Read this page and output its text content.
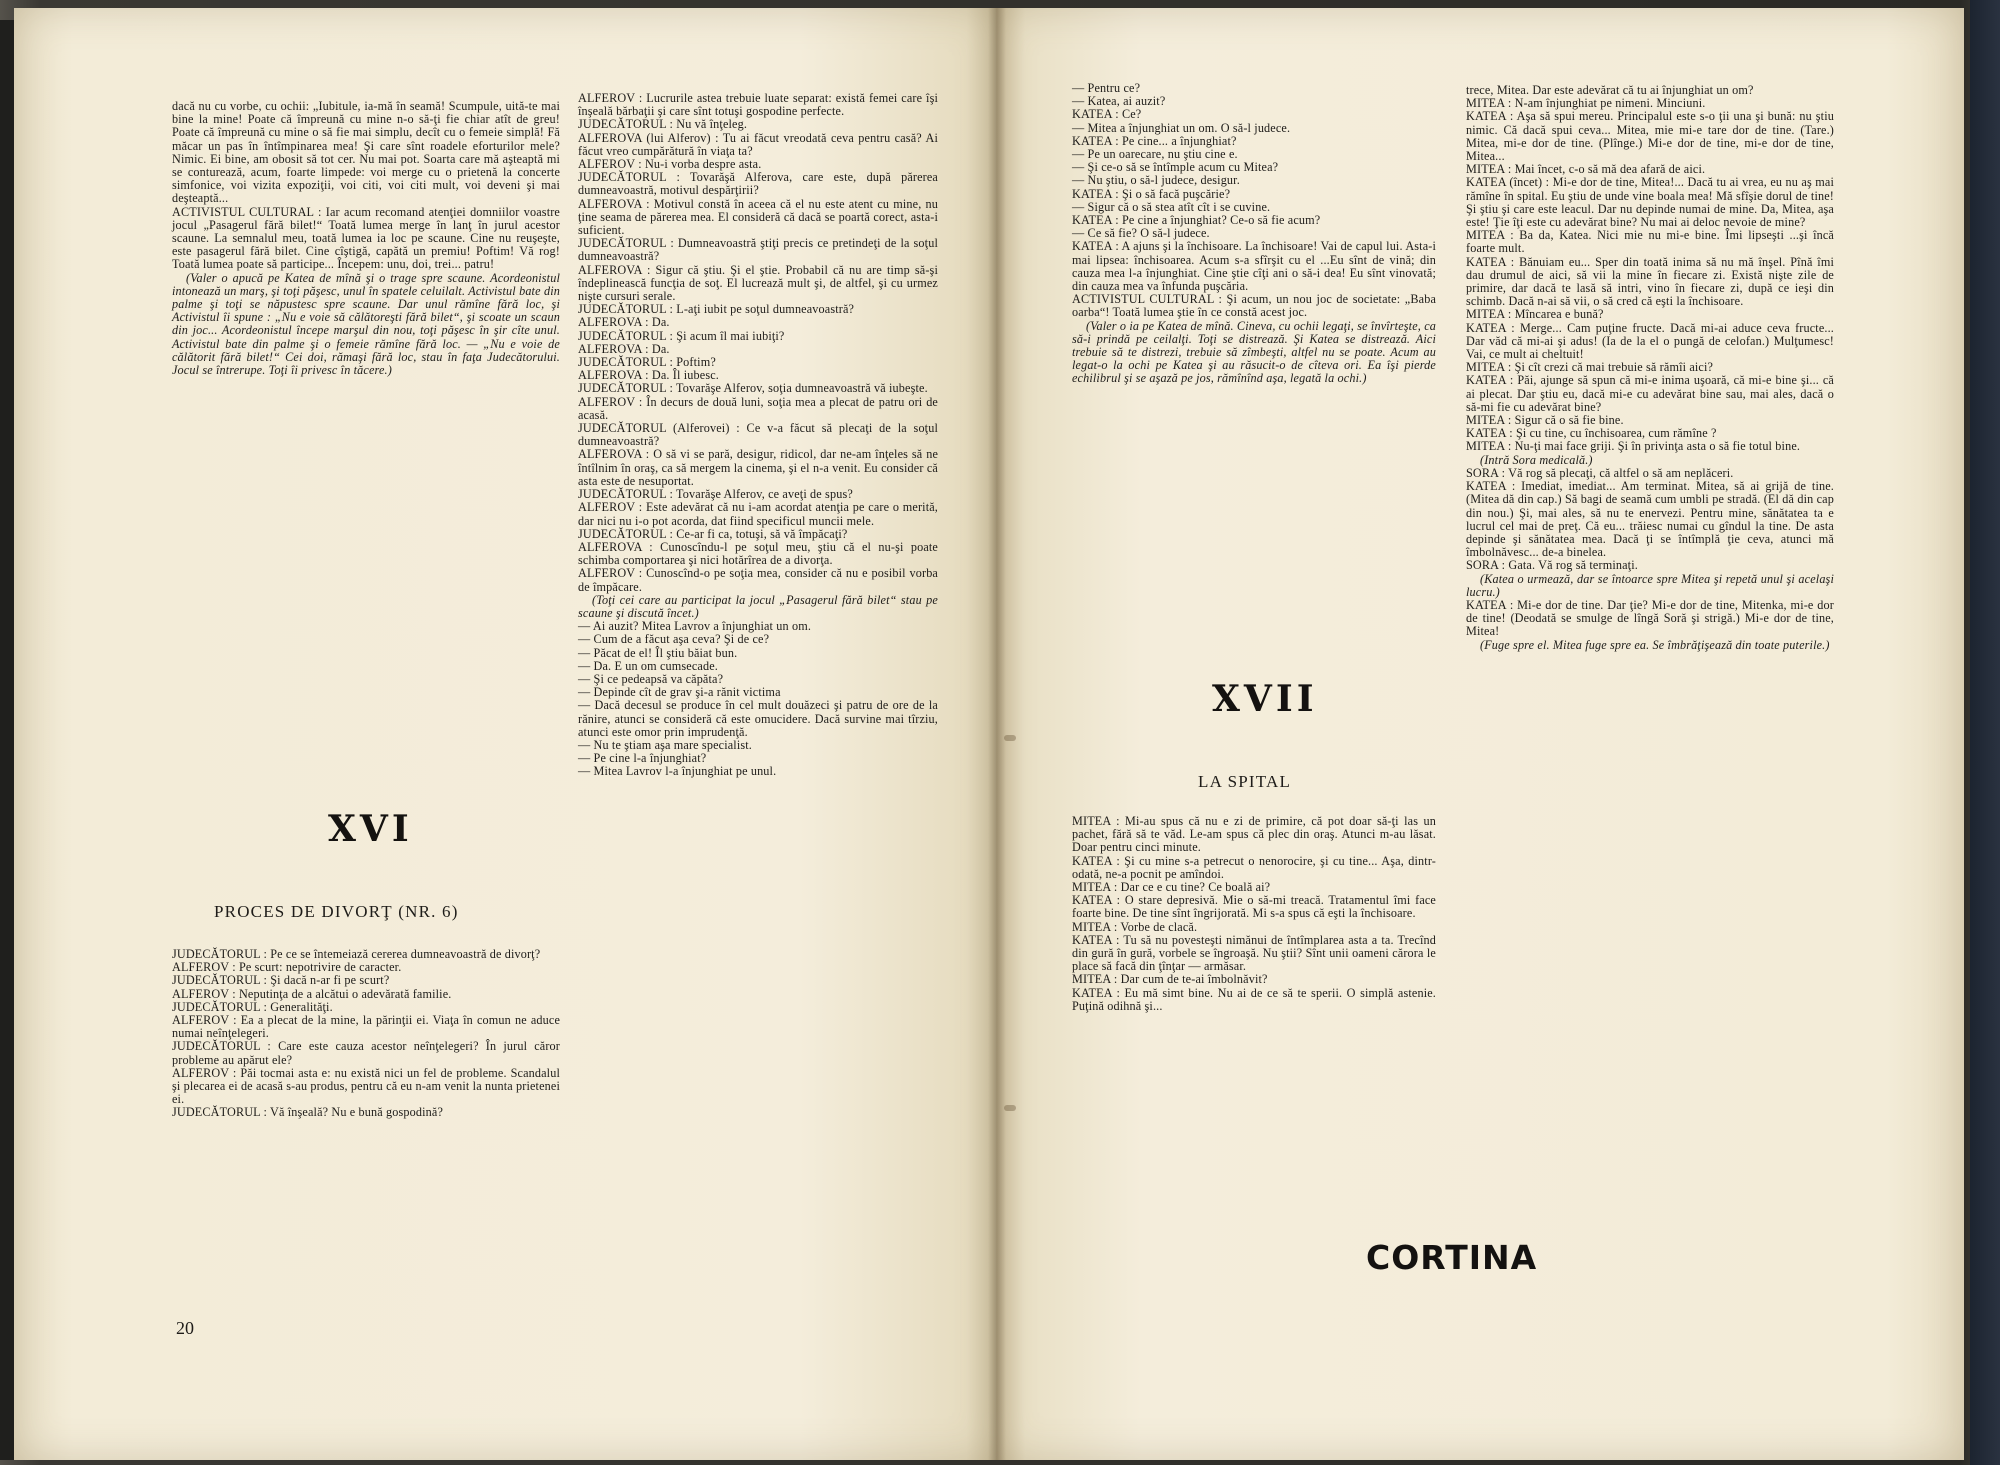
dacă nu cu vorbe, cu ochii: „Iubitule, ia-mă în seamă! Scumpule, uită-te mai bine la mine! Poate că împreună cu mine n-o să-ţi fie chiar atît de greu! Poate că împreună cu mine o să fie mai simplu, decît cu o femeie simplă! Fă măcar un pas în întîmpinarea mea! Şi care sînt roadele eforturilor mele? Nimic. Ei bine, am obosit să tot cer. Nu mai pot. Soarta care mă aşteaptă mi se conturează, acum, foarte limpede: voi merge cu o prietenă la concerte simfonice, voi vizita expoziţii, voi citi, voi citi mult, voi deveni şi mai deşteaptă...

ACTIVISTUL CULTURAL : Iar acum recomand atenţiei domniilor voastre jocul „Pasagerul fără bilet!“ Toată lumea merge în lanţ în jurul acestor scaune. La semnalul meu, toată lumea ia loc pe scaune. Cine nu reuşeşte, este pasagerul fără bilet. Cine cîştigă, capătă un premiu! Poftim! Vă rog! Toată lumea poate să participe... Începem: unu, doi, trei... patru!

(Valer o apucă pe Katea de mînă şi o trage spre scaune. Acordeonistul intonează un marş, şi toţi păşesc, unul în spatele celuilalt. Activistul bate din palme şi toţi se năpustesc spre scaune. Dar unul rămîne fără loc, şi Activistul îi spune : „Nu e voie să călătoreşti fără bilet“, şi scoate un scaun din joc... Acordeonistul începe marşul din nou, toţi păşesc în şir cîte unul. Activistul bate din palme şi o femeie rămîne fără loc. — „Nu e voie de călătorit fără bilet!“ Cei doi, rămaşi fără loc, stau în faţa Judecătorului. Jocul se întrerupe. Toţi îi privesc în tăcere.)

XVI
PROCES DE DIVORŢ (NR. 6)

JUDECĂTORUL : Pe ce se întemeiază cererea dumneavoastră de divorţ?

ALFEROV : Pe scurt: nepotrivire de caracter.

JUDECĂTORUL : Şi dacă n-ar fi pe scurt?

ALFEROV : Neputinţa de a alcătui o adevărată familie.

JUDECĂTORUL : Generalităţi.

ALFEROV : Ea a plecat de la mine, la părinţii ei. Viaţa în comun ne aduce numai neînţelegeri.

JUDECĂTORUL : Care este cauza acestor neînţelegeri? În jurul căror probleme au apărut ele?

ALFEROV : Păi tocmai asta e: nu există nici un fel de probleme. Scandalul şi plecarea ei de acasă s-au produs, pentru că eu n-am venit la nunta prietenei ei.

JUDECĂTORUL : Vă înşeală? Nu e bună gospodină?

ALFEROV : Lucrurile astea trebuie luate separat: există femei care îşi înşeală bărbaţii şi care sînt totuşi gospodine perfecte.

JUDECĂTORUL : Nu vă înţeleg.

ALFEROVA (lui Alferov) : Tu ai făcut vreodată ceva pentru casă? Ai făcut vreo cumpărătură în viaţa ta?

ALFEROV : Nu-i vorba despre asta.

JUDECĂTORUL : Tovarăşă Alferova, care este, după părerea dumneavoastră, motivul despărţirii?

ALFEROVA : Motivul constă în aceea că el nu este atent cu mine, nu ţine seama de părerea mea. El consideră că dacă se poartă corect, asta-i suficient.

JUDECĂTORUL : Dumneavoastră ştiţi precis ce pretindeţi de la soţul dumneavoastră?

ALFEROVA : Sigur că ştiu. Şi el ştie. Probabil că nu are timp să-şi îndeplinească funcţia de soţ. El lucrează mult şi, de altfel, şi cu urmez nişte cursuri serale.

JUDECĂTORUL : L-aţi iubit pe soţul dumneavoastră?

ALFEROVA : Da.

JUDECĂTORUL : Şi acum îl mai iubiţi?

ALFEROVA : Da.

JUDECĂTORUL : Poftim?

ALFEROVA : Da. Îl iubesc.

JUDECĂTORUL : Tovarăşe Alferov, soţia dumneavoastră vă iubeşte.

ALFEROV : În decurs de două luni, soţia mea a plecat de patru ori de acasă.

JUDECĂTORUL (Alferovei) : Ce v-a făcut să plecaţi de la soţul dumneavoastră?

ALFEROVA : O să vi se pară, desigur, ridicol, dar ne-am înţeles să ne întîlnim în oraş, ca să mergem la cinema, şi el n-a venit. Eu consider că asta este de nesuportat.

JUDECĂTORUL : Tovarăşe Alferov, ce aveţi de spus?

ALFEROV : Este adevărat că nu i-am acordat atenţia pe care o merită, dar nici nu i-o pot acorda, dat fiind specificul muncii mele.

JUDECĂTORUL : Ce-ar fi ca, totuşi, să vă împăcaţi?

ALFEROVA : Cunoscîndu-l pe soţul meu, ştiu că el nu-şi poate schimba comportarea şi nici hotărîrea de a divorţa.

ALFEROV : Cunoscînd-o pe soţia mea, consider că nu e posibil vorba de împăcare.

(Toţi cei care au participat la jocul „Pasagerul fără bilet“ stau pe scaune şi discută încet.)

— Ai auzit? Mitea Lavrov a înjunghiat un om.

— Cum de a făcut aşa ceva? Şi de ce?

— Păcat de el! Îl ştiu băiat bun.

— Da. E un om cumsecade.

— Şi ce pedeapsă va căpăta?

— Depinde cît de grav şi-a rănit victima

— Dacă decesul se produce în cel mult douăzeci şi patru de ore de la rănire, atunci se consideră că este omucidere. Dacă survine mai tîrziu, atunci este omor prin imprudenţă.

— Nu te ştiam aşa mare specialist.

— Pe cine l-a înjunghiat?

— Mitea Lavrov l-a înjunghiat pe unul.

20

— Pentru ce?

— Katea, ai auzit?

KATEA : Ce?

— Mitea a înjunghiat un om. O să-l judece.

KATEA : Pe cine... a înjunghiat?

— Pe un oarecare, nu ştiu cine e.

— Şi ce-o să se întîmple acum cu Mitea?

— Nu ştiu, o să-l judece, desigur.

KATEA : Şi o să facă puşcărie?

— Sigur că o să stea atît cît i se cuvine.

KATEA : Pe cine a înjunghiat? Ce-o să fie acum?

— Ce să fie? O să-l judece.

KATEA : A ajuns şi la închisoare. La închisoare! Vai de capul lui. Asta-i mai lipsea: închisoarea. Acum s-a sfîrşit cu el ...Eu sînt de vină; din cauza mea l-a înjunghiat. Cine ştie cîţi ani o să-i dea! Eu sînt vinovată; din cauza mea va înfunda puşcăria.

ACTIVISTUL CULTURAL : Şi acum, un nou joc de societate: „Baba oarba“! Toată lumea ştie în ce constă acest joc.

(Valer o ia pe Katea de mînă. Cineva, cu ochii legaţi, se învîrteşte, ca să-i prindă pe ceilalţi. Toţi se distrează. Şi Katea se distrează. Aici trebuie să te distrezi, trebuie să zîmbeşti, altfel nu se poate. Acum au legat-o la ochi pe Katea şi au răsucit-o de cîteva ori. Ea îşi pierde echilibrul şi se aşază pe jos, rămînînd aşa, legată la ochi.)

XVII
LA SPITAL

MITEA : Mi-au spus că nu e zi de primire, că pot doar să-ţi las un pachet, fără să te văd. Le-am spus că plec din oraş. Atunci m-au lăsat. Doar pentru cinci minute.

KATEA : Şi cu mine s-a petrecut o nenorocire, şi cu tine... Aşa, dintr-odată, ne-a pocnit pe amîndoi.

MITEA : Dar ce e cu tine? Ce boală ai?

KATEA : O stare depresivă. Mie o să-mi treacă. Tratamentul îmi face foarte bine. De tine sînt îngrijorată. Mi s-a spus că eşti la închisoare.

MITEA : Vorbe de clacă.

KATEA : Tu să nu povesteşti nimănui de întîmplarea asta a ta. Trecînd din gură în gură, vorbele se îngroaşă. Nu ştii? Sînt unii oameni cărora le place să facă din ţînţar — armăsar.

MITEA : Dar cum de te-ai îmbolnăvit?

KATEA : Eu mă simt bine. Nu ai de ce să te sperii. O simplă astenie. Puţină odihnă şi...

trece, Mitea. Dar este adevărat că tu ai înjunghiat un om?

MITEA : N-am înjunghiat pe nimeni. Minciuni.

KATEA : Aşa să spui mereu. Principalul este s-o ţii una şi bună: nu ştiu nimic. Că dacă spui ceva... Mitea, mie mi-e tare dor de tine. (Tare.) Mitea, mi-e dor de tine. (Plînge.) Mi-e dor de tine, mi-e dor de tine, Mitea...

MITEA : Mai încet, c-o să mă dea afară de aici.

KATEA (încet) : Mi-e dor de tine, Mitea!... Dacă tu ai vrea, eu nu aş mai rămîne în spital. Eu ştiu de unde vine boala mea! Mă sfîşie dorul de tine! Şi ştiu şi care este leacul. Dar nu depinde numai de mine. Da, Mitea, aşa este! Ţie îţi este cu adevărat bine? Nu mai ai deloc nevoie de mine?

MITEA : Ba da, Katea. Nici mie nu mi-e bine. Îmi lipseşti ...şi încă foarte mult.

KATEA : Bănuiam eu... Sper din toată inima să nu mă înşel. Pînă îmi dau drumul de aici, să vii la mine în fiecare zi. Există nişte zile de primire, dar dacă te lasă să intri, vino în fiecare zi, după ce ieşi din schimb. Dacă n-ai să vii, o să cred că eşti la închisoare.

MITEA : Mîncarea e bună?

KATEA : Merge... Cam puţine fructe. Dacă mi-ai aduce ceva fructe... Dar văd că mi-ai şi adus! (Ia de la el o pungă de celofan.) Mulţumesc! Vai, ce mult ai cheltuit!

MITEA : Şi cît crezi că mai trebuie să rămîi aici?

KATEA : Păi, ajunge să spun că mi-e inima uşoară, că mi-e bine şi... că ai plecat. Dar ştiu eu, dacă mi-e cu adevărat bine sau, mai ales, dacă o să-mi fie cu adevărat bine?

MITEA : Sigur că o să fie bine.

KATEA : Şi cu tine, cu închisoarea, cum rămîne ?

MITEA : Nu-ţi mai face griji. Şi în privinţa asta o să fie totul bine.

(Intră Sora medicală.)

SORA : Vă rog să plecaţi, că altfel o să am neplăceri.

KATEA : Imediat, imediat... Am terminat. Mitea, să ai grijă de tine. (Mitea dă din cap.) Să bagi de seamă cum umbli pe stradă. (El dă din cap din nou.) Şi, mai ales, să nu te enervezi. Pentru mine, sănătatea ta e lucrul cel mai de preţ. Că eu... trăiesc numai cu gîndul la tine. De asta depinde şi sănătatea mea. Dacă ţi se întîmplă ţie ceva, atunci mă îmbolnăvesc... de-a binelea.

SORA : Gata. Vă rog să terminaţi.

(Katea o urmează, dar se întoarce spre Mitea şi repetă unul şi acelaşi lucru.)

KATEA : Mi-e dor de tine. Dar ţie? Mi-e dor de tine, Mitenka, mi-e dor de tine! (Deodată se smulge de lîngă Soră şi strigă.) Mi-e dor de tine, Mitea!

(Fuge spre el. Mitea fuge spre ea. Se îmbrăţişează din toate puterile.)

CORTINA
